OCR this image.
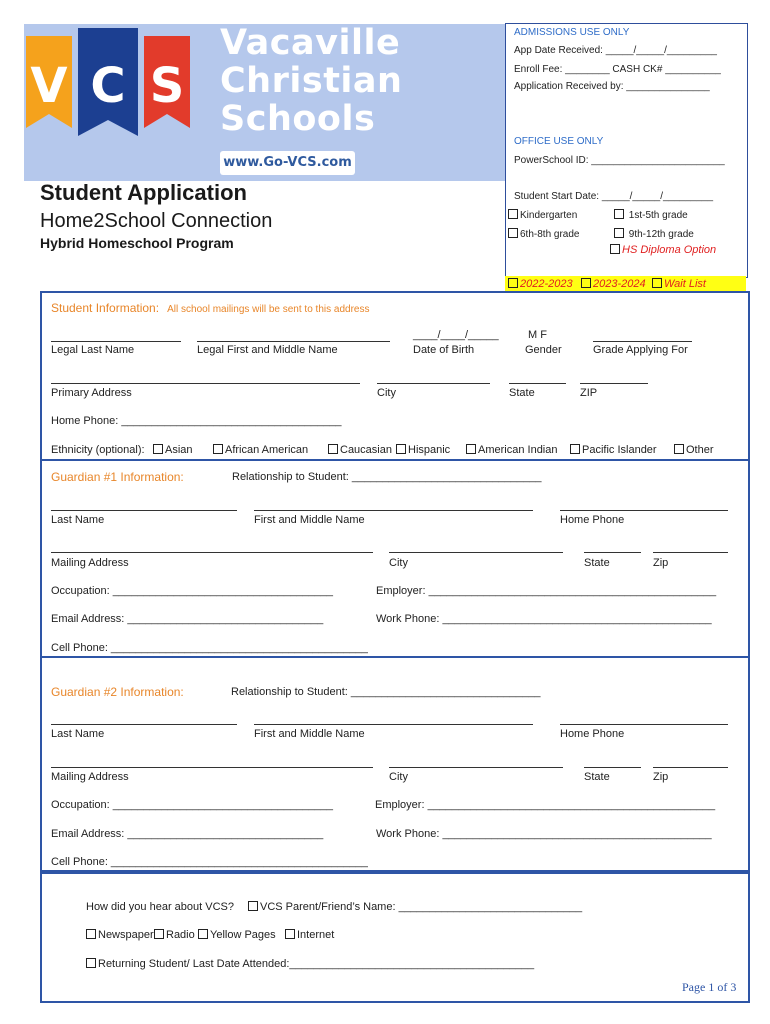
V C S
Vacaville
Christian
Schools
www.Go-VCS.com
Student Application
Home2School Connection
Hybrid Homeschool Program
ADMISSIONS USE ONLY
App Date Received: _____/_____/_________
Enroll Fee: ________ CASH CK# __________
Application Received by: _______________
OFFICE USE ONLY
PowerSchool ID: ________________________
Student Start Date: _____/_____/_________
Kindergarten	1st-5th grade
6th-8th grade	9th-12th grade
HS Diploma Option
2022-2023	2023-2024	Wait List
Student Information: All school mailings will be sent to this address
____/____/_____	M F
Legal Last Name	Legal First and Middle Name	Date of Birth	Gender	Grade Applying For
Primary Address	City	State	ZIP
Home Phone: ____________________________________
Ethnicity (optional):	Asian	African American	Caucasian	Hispanic	American Indian	Pacific Islander	Other
Guardian #1 Information:	Relationship to Student: _______________________________
Last Name	First and Middle Name	Home Phone
Mailing Address	City	State	Zip
Occupation: ____________________________________	Employer: _______________________________________________
Email Address: ________________________________	Work Phone: ____________________________________________
Cell Phone: __________________________________________
Guardian #2 Information:	Relationship to Student: _______________________________
Last Name	First and Middle Name	Home Phone
Mailing Address	City	State	Zip
Occupation: ____________________________________	Employer: _______________________________________________
Email Address: ________________________________	Work Phone: ____________________________________________
Cell Phone: __________________________________________
How did you hear about VCS?	VCS Parent/Friend’s Name: ______________________________
Newspaper	Radio	Yellow Pages	Internet
Returning Student/ Last Date Attended:________________________________________
Page 1 of 3
